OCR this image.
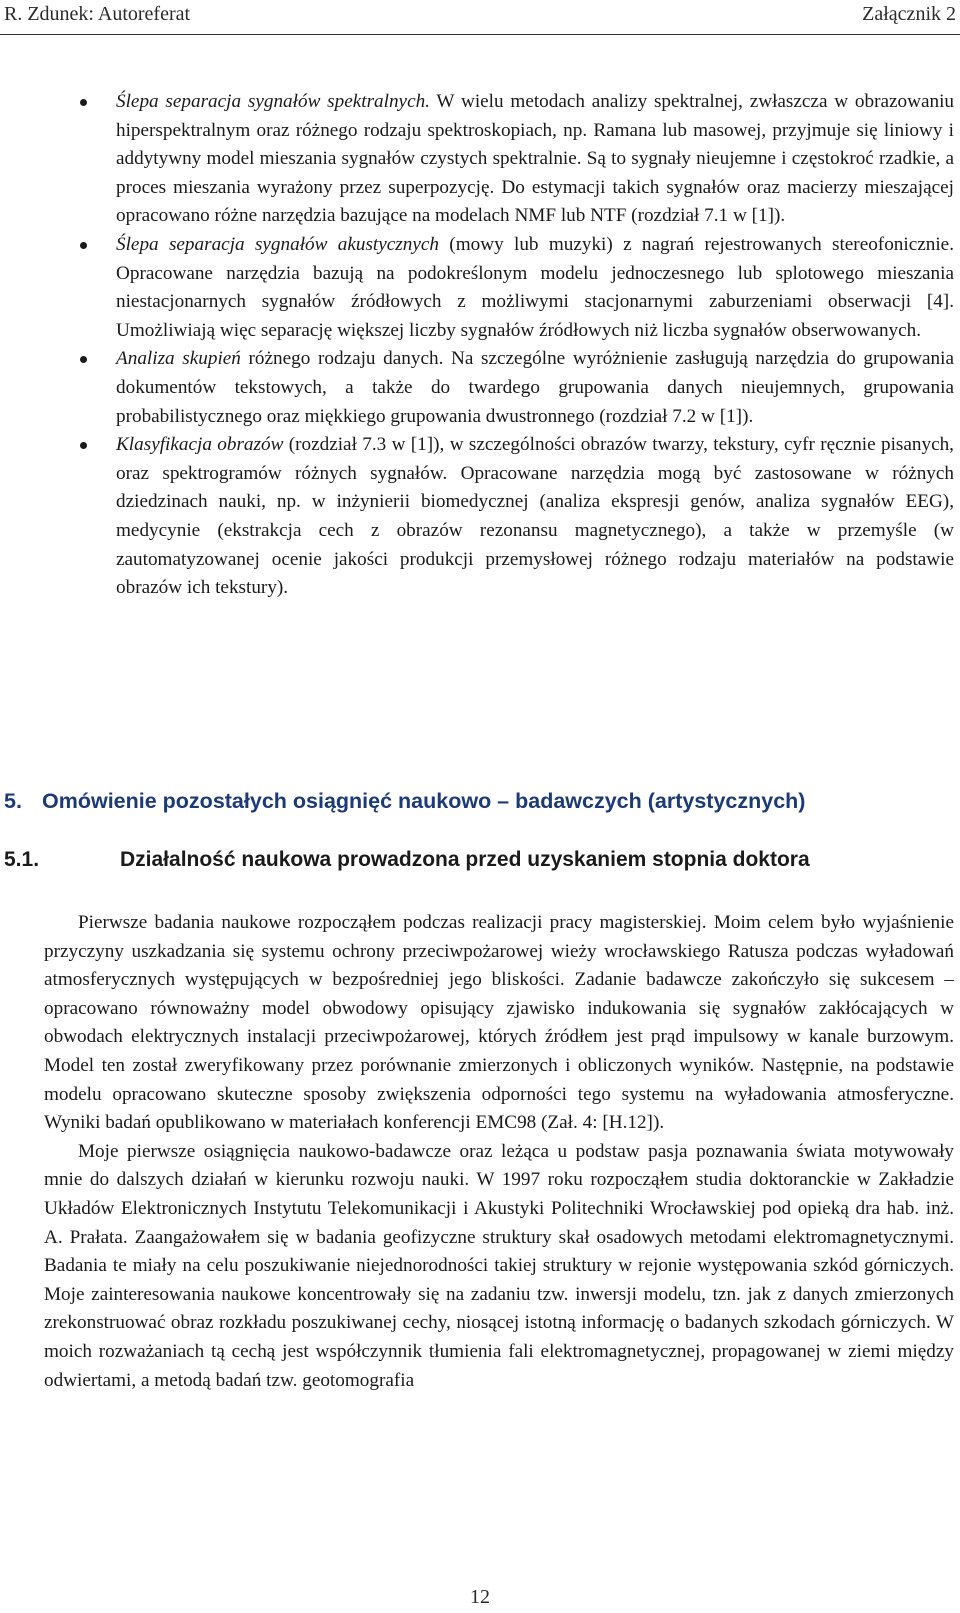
R. Zdunek: Autoreferat	Załącznik 2
Ślepa separacja sygnałów spektralnych. W wielu metodach analizy spektralnej, zwłaszcza w obrazowaniu hiperspektralnym oraz różnego rodzaju spektroskopiach, np. Ramana lub masowej, przyjmuje się liniowy i addytywny model mieszania sygnałów czystych spektralnie. Są to sygnały nieujemne i częstokroć rzadkie, a proces mieszania wyrażony przez superpozycję. Do estymacji takich sygnałów oraz macierzy mieszającej opracowano różne narzędzia bazujące na modelach NMF lub NTF (rozdział 7.1 w [1]).
Ślepa separacja sygnałów akustycznych (mowy lub muzyki) z nagrań rejestrowanych stereofonicznie. Opracowane narzędzia bazują na podokreślonym modelu jednoczesnego lub splotowego mieszania niestacjonarnych sygnałów źródłowych z możliwymi stacjonarnymi zaburzeniami obserwacji [4]. Umożliwiają więc separację większej liczby sygnałów źródłowych niż liczba sygnałów obserwowanych.
Analiza skupień różnego rodzaju danych. Na szczególne wyróżnienie zasługują narzędzia do grupowania dokumentów tekstowych, a także do twardego grupowania danych nieujemnych, grupowania probabilistycznego oraz miękkiego grupowania dwustronnego (rozdział 7.2 w [1]).
Klasyfikacja obrazów (rozdział 7.3 w [1]), w szczególności obrazów twarzy, tekstury, cyfr ręcznie pisanych, oraz spektrogramów różnych sygnałów. Opracowane narzędzia mogą być zastosowane w różnych dziedzinach nauki, np. w inżynierii biomedycznej (analiza ekspresji genów, analiza sygnałów EEG), medycynie (ekstrakcja cech z obrazów rezonansu magnetycznego), a także w przemyśle (w zautomatyzowanej ocenie jakości produkcji przemysłowej różnego rodzaju materiałów na podstawie obrazów ich tekstury).
5. Omówienie pozostałych osiągnięć naukowo – badawczych (artystycznych)
5.1.	Działalność naukowa prowadzona przed uzyskaniem stopnia doktora

Pierwsze badania naukowe rozpocząłem podczas realizacji pracy magisterskiej. Moim celem było wyjaśnienie przyczyny uszkadzania się systemu ochrony przeciwpożarowej wieży wrocławskiego Ratusza podczas wyładowań atmosferycznych występujących w bezpośredniej jego bliskości. Zadanie badawcze zakończyło się sukcesem – opracowano równoważny model obwodowy opisujący zjawisko indukowania się sygnałów zakłócających w obwodach elektrycznych instalacji przeciwpożarowej, których źródłem jest prąd impulsowy w kanale burzowym. Model ten został zweryfikowany przez porównanie zmierzonych i obliczonych wyników. Następnie, na podstawie modelu opracowano skuteczne sposoby zwiększenia odporności tego systemu na wyładowania atmosferyczne. Wyniki badań opublikowano w materiałach konferencji EMC98 (Zał. 4: [H.12]).

Moje pierwsze osiągnięcia naukowo-badawcze oraz leżąca u podstaw pasja poznawania świata motywowały mnie do dalszych działań w kierunku rozwoju nauki. W 1997 roku rozpocząłem studia doktoranckie w Zakładzie Układów Elektronicznych Instytutu Telekomunikacji i Akustyki Politechniki Wrocławskiej pod opieką dra hab. inż. A. Prałata. Zaangażowałem się w badania geofizyczne struktury skał osadowych metodami elektromagnetycznymi. Badania te miały na celu poszukiwanie niejednorodności takiej struktury w rejonie występowania szkód górniczych. Moje zainteresowania naukowe koncentrowały się na zadaniu tzw. inwersji modelu, tzn. jak z danych zmierzonych zrekonstruować obraz rozkładu poszukiwanej cechy, niosącej istotną informację o badanych szkodach górniczych. W moich rozważaniach tą cechą jest współczynnik tłumienia fali elektromagnetycznej, propagowanej w ziemi między odwiertami, a metodą badań tzw. geotomografia

12
